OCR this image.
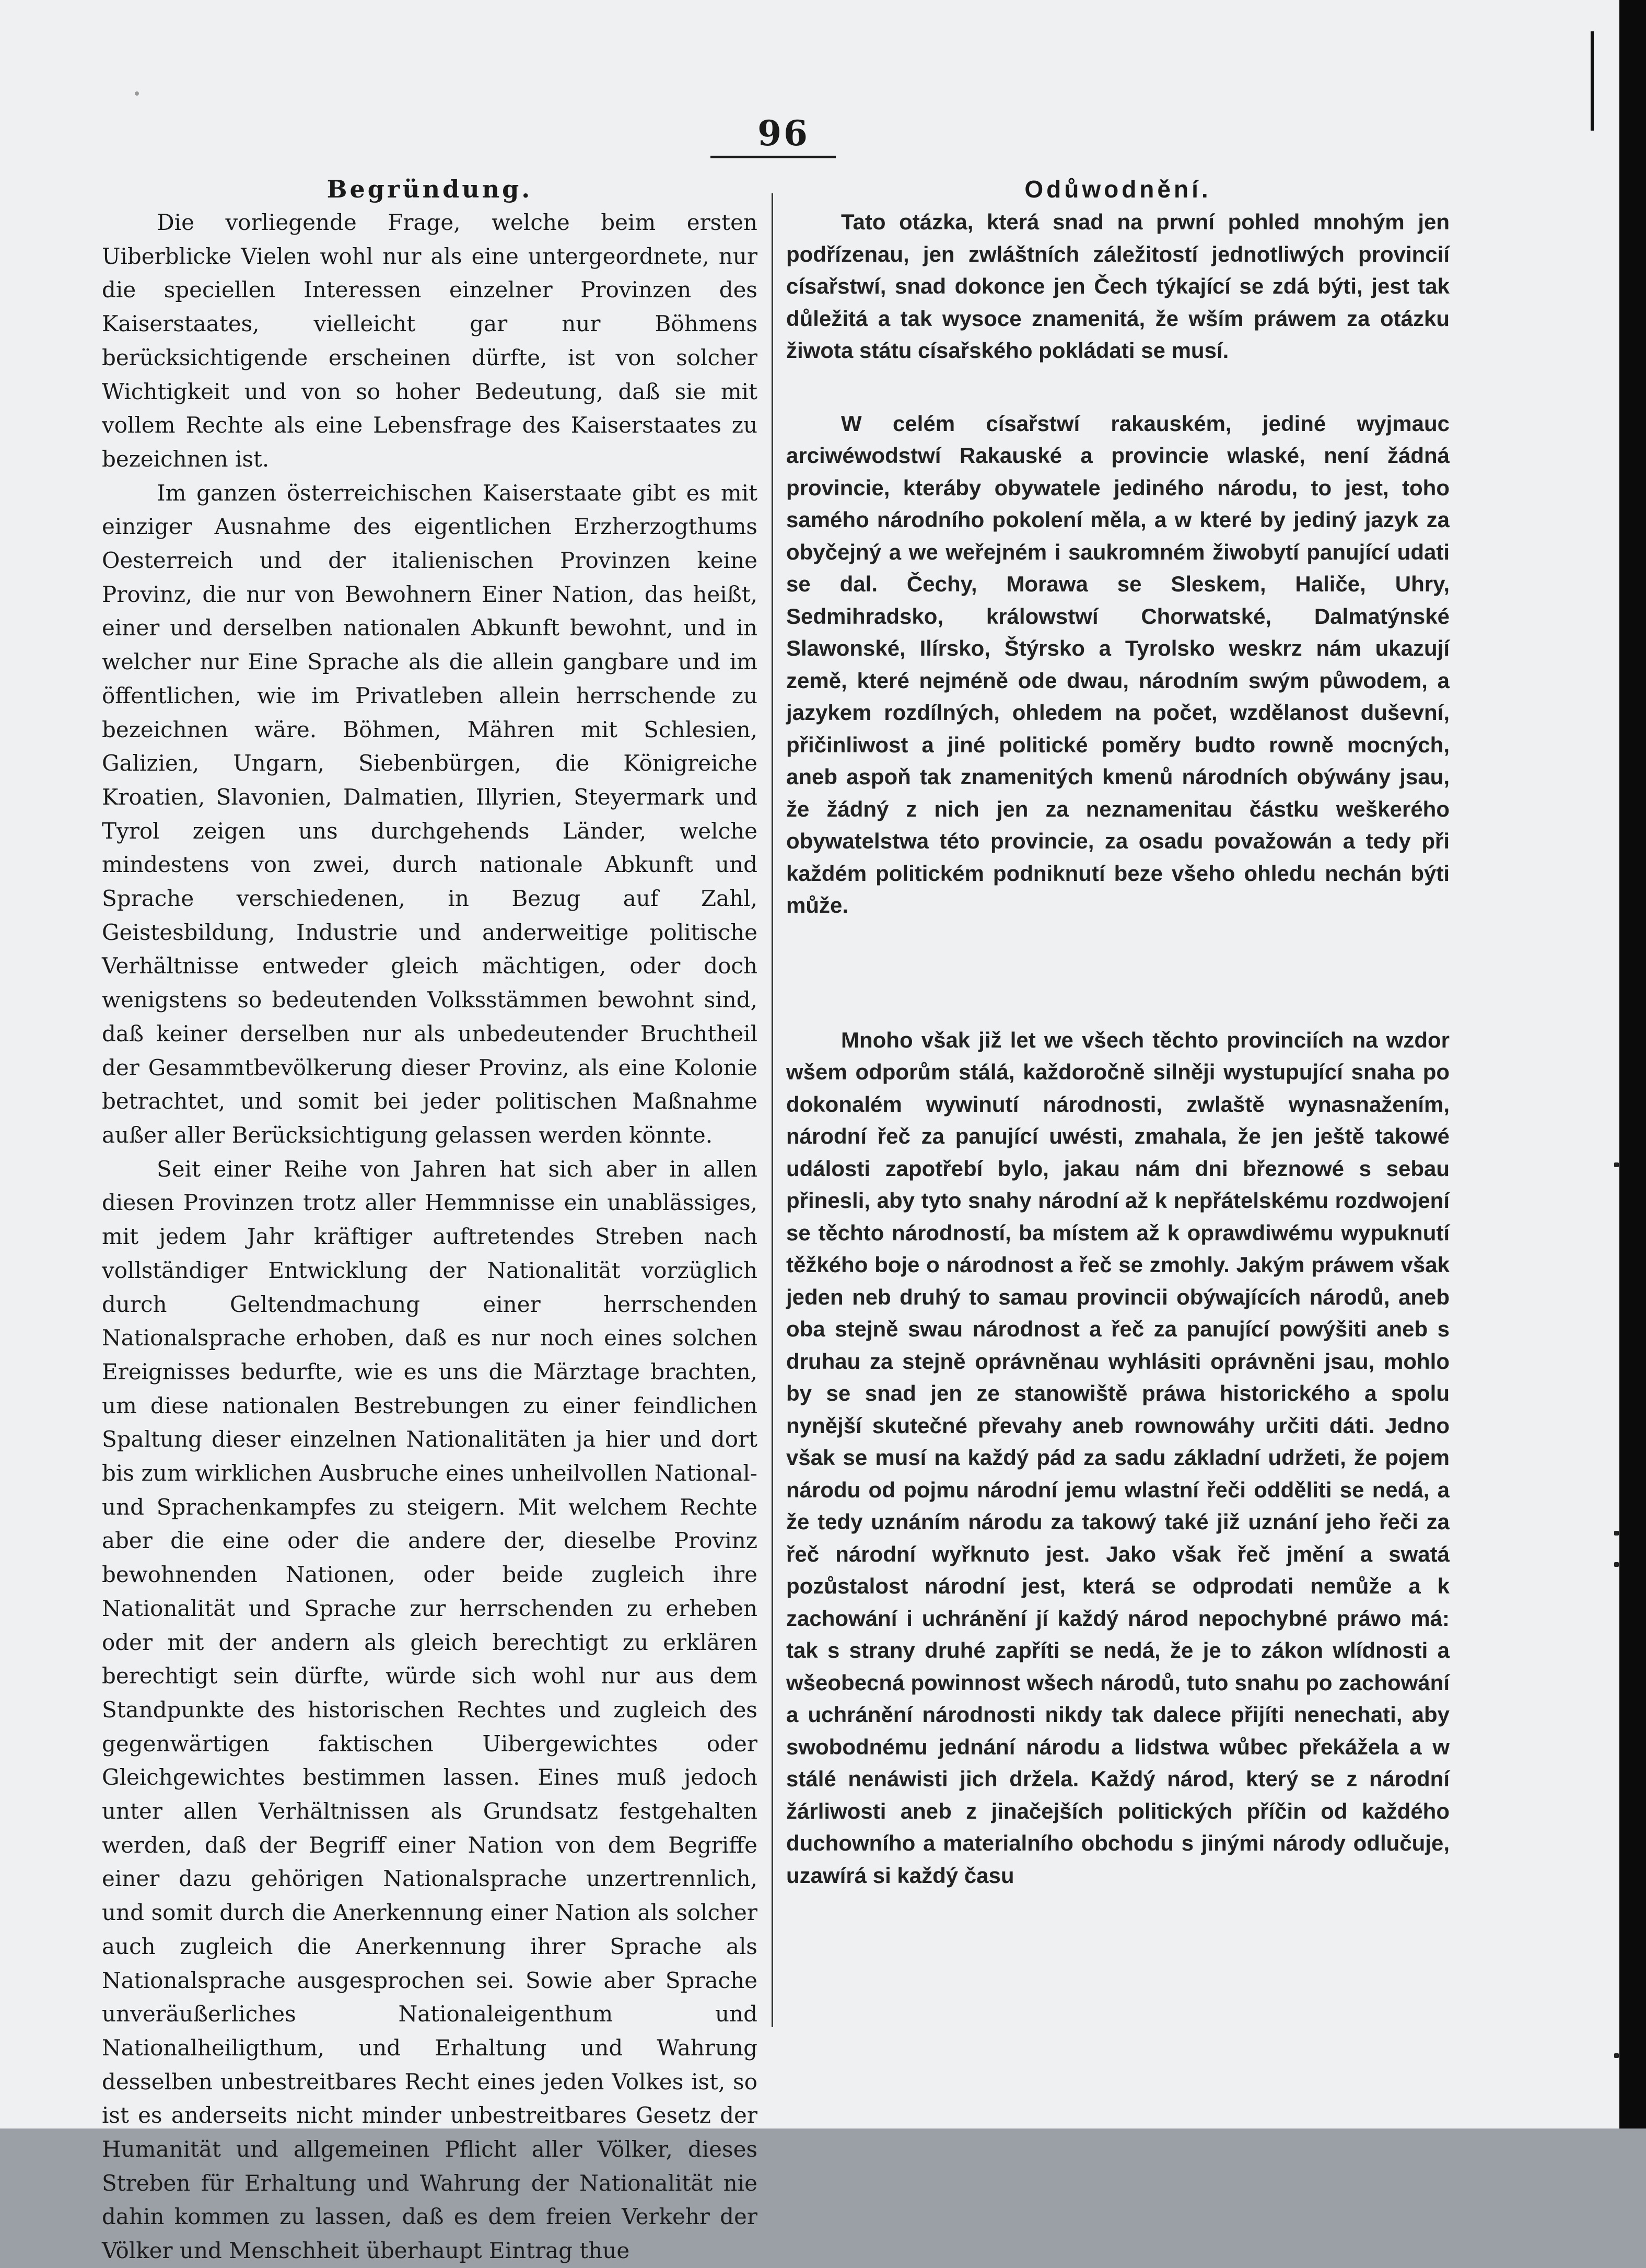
96
Begründung.

Die vorliegende Frage, welche beim ersten Uiberblicke Vielen wohl nur als eine untergeordnete, nur die speciellen Interessen einzelner Provinzen des Kaiserstaates, vielleicht gar nur Böhmens berücksichtigende erscheinen dürfte, ist von solcher Wichtigkeit und von so hoher Bedeutung, daß sie mit vollem Rechte als eine Lebensfrage des Kaiserstaates zu bezeichnen ist.

Im ganzen österreichischen Kaiserstaate gibt es mit einziger Ausnahme des eigentlichen Erzherzogthums Oesterreich und der italienischen Provinzen keine Provinz, die nur von Bewohnern Einer Nation, das heißt, einer und derselben nationalen Abkunft bewohnt, und in welcher nur Eine Sprache als die allein gangbare und im öffentlichen, wie im Privatleben allein herrschende zu bezeichnen wäre. Böhmen, Mähren mit Schlesien, Galizien, Ungarn, Siebenbürgen, die Königreiche Kroatien, Slavonien, Dalmatien, Illyrien, Steyermark und Tyrol zeigen uns durchgehends Länder, welche mindestens von zwei, durch nationale Abkunft und Sprache verschiedenen, in Bezug auf Zahl, Geistesbildung, Industrie und anderweitige politische Verhältnisse entweder gleich mächtigen, oder doch wenigstens so bedeutenden Volksstämmen bewohnt sind, daß keiner derselben nur als unbedeutender Bruchtheil der Gesammtbevölkerung dieser Provinz, als eine Kolonie betrachtet, und somit bei jeder politischen Maßnahme außer aller Berücksichtigung gelassen werden könnte.

Seit einer Reihe von Jahren hat sich aber in allen diesen Provinzen trotz aller Hemmnisse ein unablässiges, mit jedem Jahr kräftiger auftretendes Streben nach vollständiger Entwicklung der Nationalität vorzüglich durch Geltendmachung einer herrschenden Nationalsprache erhoben, daß es nur noch eines solchen Ereignisses bedurfte, wie es uns die Märztage brachten, um diese nationalen Bestrebungen zu einer feindlichen Spaltung dieser einzelnen Nationalitäten ja hier und dort bis zum wirklichen Ausbruche eines unheilvollen National- und Sprachenkampfes zu steigern. Mit welchem Rechte aber die eine oder die andere der, dieselbe Provinz bewohnenden Nationen, oder beide zugleich ihre Nationalität und Sprache zur herrschenden zu erheben oder mit der andern als gleich berechtigt zu erklären berechtigt sein dürfte, würde sich wohl nur aus dem Standpunkte des historischen Rechtes und zugleich des gegenwärtigen faktischen Uibergewichtes oder Gleichgewichtes bestimmen lassen. Eines muß jedoch unter allen Verhältnissen als Grundsatz festgehalten werden, daß der Begriff einer Nation von dem Begriffe einer dazu gehörigen Nationalsprache unzertrennlich, und somit durch die Anerkennung einer Nation als solcher auch zugleich die Anerkennung ihrer Sprache als Nationalsprache ausgesprochen sei. Sowie aber Sprache unveräußerliches Nationaleigenthum und Nationalheiligthum, und Erhaltung und Wahrung desselben unbestreitbares Recht eines jeden Volkes ist, so ist es anderseits nicht minder unbestreitbares Gesetz der Humanität und allgemeinen Pflicht aller Völker, dieses Streben für Erhaltung und Wahrung der Nationalität nie dahin kommen zu lassen, daß es dem freien Verkehr der Völker und Menschheit überhaupt Eintrag thue

Odůwodnění.

Tato otázka, která snad na prwní pohled mnohým jen podřízenau, jen zwláštních záležitostí jednotliwých provincií císařstwí, snad dokonce jen Čech týkající se zdá býti, jest tak důležitá a tak wysoce znamenitá, že wším práwem za otázku žiwota státu císařského pokládati se musí.

W celém císařstwí rakauském, jediné wyjmauc arciwéwodstwí Rakauské a provincie wlaské, není žádná provincie, kteráby obywatele jediného národu, to jest, toho samého národního pokolení měla, a w které by jediný jazyk za obyčejný a we weřejném i saukromném žiwobytí panující udati se dal. Čechy, Morawa se Sleskem, Haliče, Uhry, Sedmihradsko, králowstwí Chorwatské, Dalmatýnské Slawonské, Ilírsko, Štýrsko a Tyrolsko weskrz nám ukazují země, které nejméně ode dwau, národním swým půwodem, a jazykem rozdílných, ohledem na počet, wzdělanost duševní, přičinliwost a jiné politické poměry budto rowně mocných, aneb aspoň tak znamenitých kmenů národních obýwány jsau, že žádný z nich jen za neznamenitau částku weškerého obywatelstwa této provincie, za osadu považowán a tedy při každém politickém podniknutí beze všeho ohledu nechán býti může.

Mnoho však již let we všech těchto provinciích na wzdor wšem odporům stálá, každoročně silněji wystupující snaha po dokonalém wywinutí národnosti, zwlaště wynasnažením, národní řeč za panující uwésti, zmahala, že jen ještě takowé události zapotřebí bylo, jakau nám dni březnowé s sebau přinesli, aby tyto snahy národní až k nepřátelskému rozdwojení se těchto národností, ba místem až k oprawdiwému wypuknutí těžkého boje o národnost a řeč se zmohly. Jakým práwem však jeden neb druhý to samau provincii obýwajících národů, aneb oba stejně swau národnost a řeč za panující powýšiti aneb s druhau za stejně oprávněnau wyhlásiti oprávněni jsau, mohlo by se snad jen ze stanowiště práwa historického a spolu nynější skutečné převahy aneb rownowáhy určiti dáti. Jedno však se musí na každý pád za sadu základní udržeti, že pojem národu od pojmu národní jemu wlastní řeči odděliti se nedá, a že tedy uznáním národu za takowý také již uznání jeho řeči za řeč národní wyřknuto jest. Jako však řeč jmění a swatá pozůstalost národní jest, která se odprodati nemůže a k zachowání i uchránění jí každý národ nepochybné práwo má: tak s strany druhé zapříti se nedá, že je to zákon wlídnosti a wšeobecná powinnost wšech národů, tuto snahu po zachowání a uchránění národnosti nikdy tak dalece přijíti nenechati, aby swobodnému jednání národu a lidstwa wůbec překážela a w stálé nenáwisti jich držela. Každý národ, který se z národní žárliwosti aneb z jinačejších politických příčin od každého duchowního a materialního obchodu s jinými národy odlučuje, uzawírá si každý času
